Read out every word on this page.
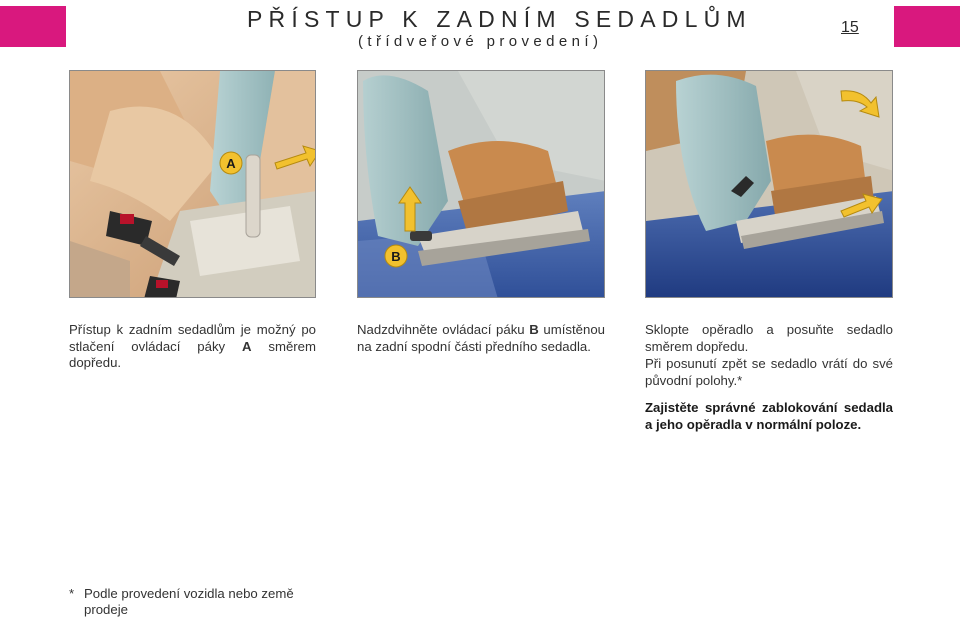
PŘÍSTUP K ZADNÍM SEDADLŮM
(třídveřové provedení)
15
A
B

Přístup k zadním sedadlům je možný po stlačení ovládací páky A směrem dopředu.

Nadzdvihněte ovládací páku B umístěnou na zadní spodní části předního sedadla.

Sklopte opěradlo a posuňte sedadlo směrem dopředu.

Při posunutí zpět se sedadlo vrátí do své původní polohy.*

Zajistěte správné zablokování sedadla a jeho opěradla v normální poloze.

* Podle provedení vozidla nebo země prodeje
